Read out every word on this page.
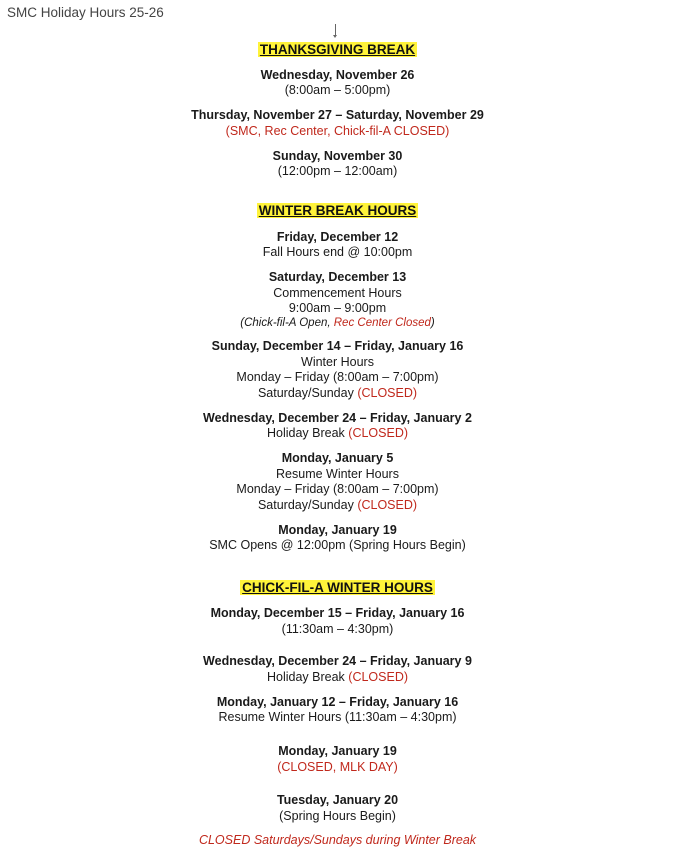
SMC Holiday Hours 25-26
THANKSGIVING BREAK
Wednesday, November 26
(8:00am – 5:00pm)
Thursday, November 27 – Saturday, November 29
(SMC, Rec Center, Chick-fil-A CLOSED)
Sunday, November 30
(12:00pm – 12:00am)
WINTER BREAK HOURS
Friday, December 12
Fall Hours end @ 10:00pm
Saturday, December 13
Commencement Hours
9:00am – 9:00pm
(Chick-fil-A Open, Rec Center Closed)
Sunday, December 14 – Friday, January 16
Winter Hours
Monday – Friday (8:00am – 7:00pm)
Saturday/Sunday (CLOSED)
Wednesday, December 24 – Friday, January 2
Holiday Break (CLOSED)
Monday, January 5
Resume Winter Hours
Monday – Friday (8:00am – 7:00pm)
Saturday/Sunday (CLOSED)
Monday, January 19
SMC Opens @ 12:00pm (Spring Hours Begin)
CHICK-FIL-A WINTER HOURS
Monday, December 15 – Friday, January 16
(11:30am – 4:30pm)
Wednesday, December 24 – Friday, January 9
Holiday Break (CLOSED)
Monday, January 12 – Friday, January 16
Resume Winter Hours (11:30am – 4:30pm)
Monday, January 19
(CLOSED, MLK DAY)
Tuesday, January 20
(Spring Hours Begin)
CLOSED Saturdays/Sundays during Winter Break
